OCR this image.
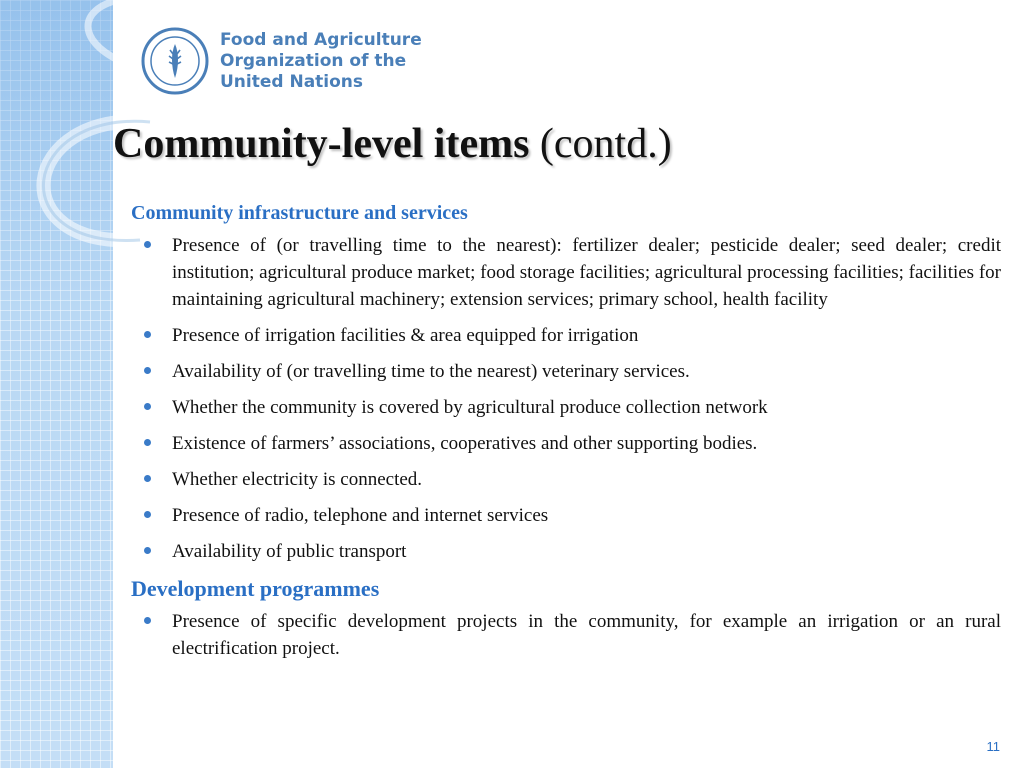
Food and Agriculture
Organization of the
United Nations
Community-level items (contd.)
Community infrastructure and services
Presence of (or travelling time to the nearest): fertilizer dealer; pesticide dealer; seed dealer; credit institution; agricultural produce market; food storage facilities; agricultural processing facilities; facilities for maintaining agricultural machinery; extension services; primary school, health facility
Presence of irrigation facilities & area equipped for irrigation
Availability of (or travelling time to the nearest) veterinary services.
Whether the community is covered by agricultural produce collection network
Existence of farmers’ associations, cooperatives and other supporting bodies.
Whether electricity is connected.
Presence of radio, telephone and internet services
Availability of public transport
Development programmes
Presence of specific development projects in the community, for example an irrigation or an rural electrification project.
11
